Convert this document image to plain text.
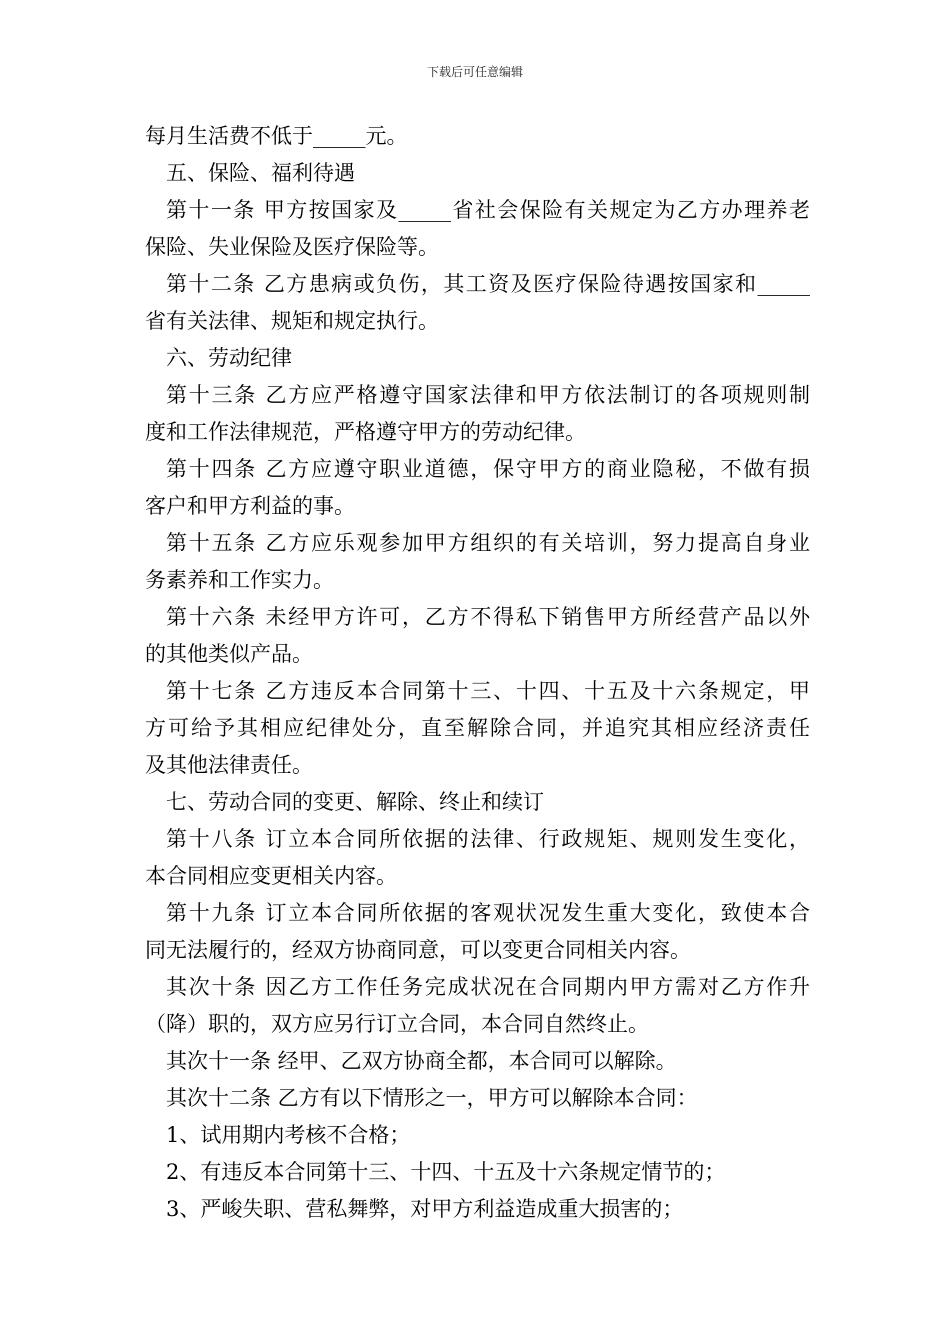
下载后可任意编辑
每月生活费不低于_____元。
五、保险、福利待遇
第十一条 甲方按国家及_____省社会保险有关规定为乙方办理养老
保险、失业保险及医疗保险等。
第十二条 乙方患病或负伤，其工资及医疗保险待遇按国家和_____
省有关法律、规矩和规定执行。
六、劳动纪律
第十三条 乙方应严格遵守国家法律和甲方依法制订的各项规则制
度和工作法律规范，严格遵守甲方的劳动纪律。
第十四条 乙方应遵守职业道德，保守甲方的商业隐秘，不做有损
客户和甲方利益的事。
第十五条 乙方应乐观参加甲方组织的有关培训，努力提高自身业
务素养和工作实力。
第十六条 未经甲方许可，乙方不得私下销售甲方所经营产品以外
的其他类似产品。
第十七条 乙方违反本合同第十三、十四、十五及十六条规定，甲
方可给予其相应纪律处分，直至解除合同，并追究其相应经济责任
及其他法律责任。
七、劳动合同的变更、解除、终止和续订
第十八条 订立本合同所依据的法律、行政规矩、规则发生变化，
本合同相应变更相关内容。
第十九条 订立本合同所依据的客观状况发生重大变化，致使本合
同无法履行的，经双方协商同意，可以变更合同相关内容。
其次十条 因乙方工作任务完成状况在合同期内甲方需对乙方作升
（降）职的，双方应另行订立合同，本合同自然终止。
其次十一条 经甲、乙双方协商全都，本合同可以解除。
其次十二条 乙方有以下情形之一，甲方可以解除本合同：
1、试用期内考核不合格；
2、有违反本合同第十三、十四、十五及十六条规定情节的；
3、严峻失职、营私舞弊，对甲方利益造成重大损害的；
